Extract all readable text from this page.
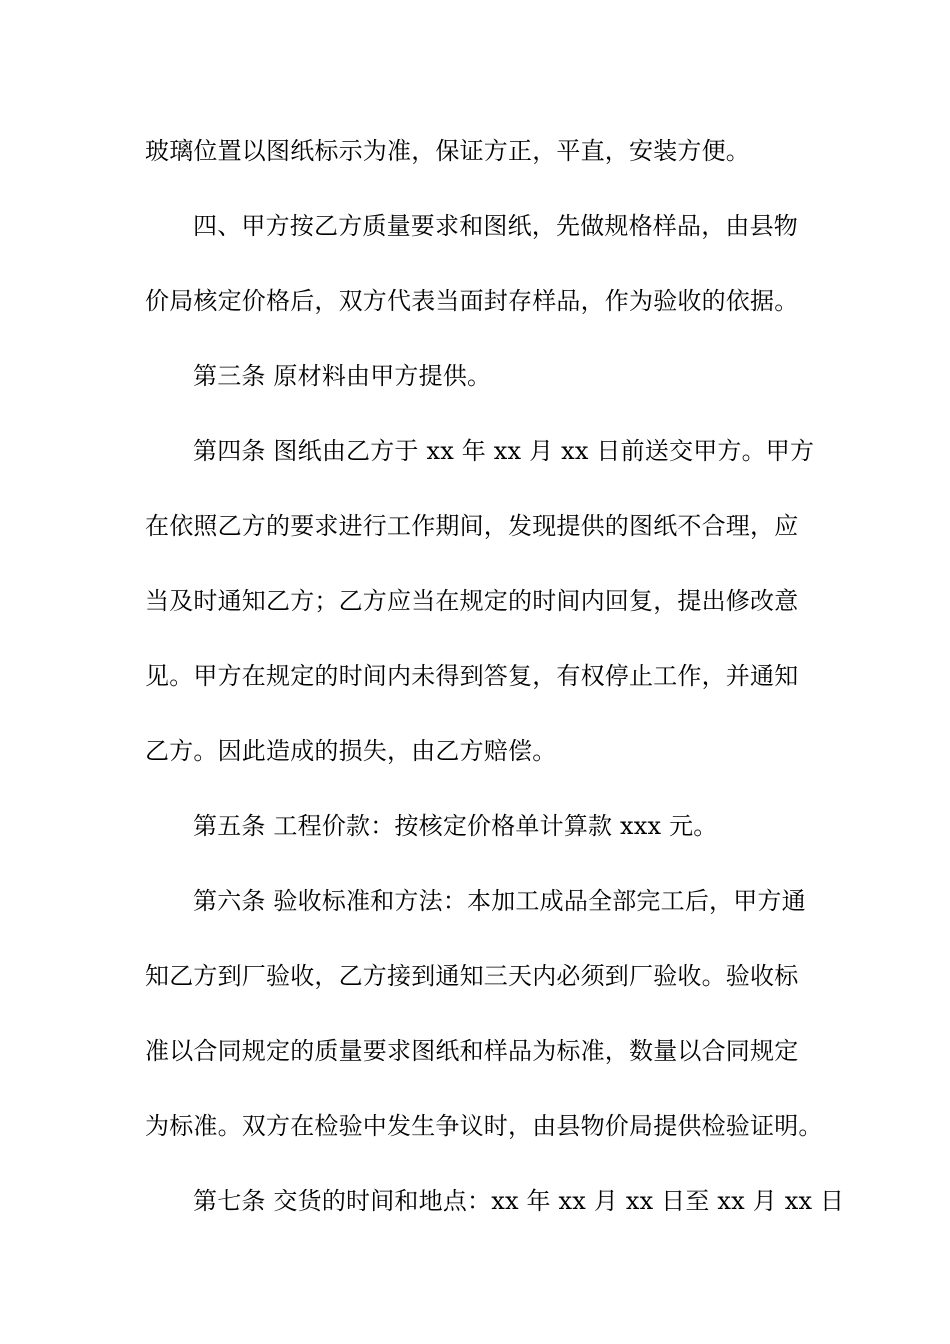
玻璃位置以图纸标示为准，保证方正，平直，安装方便。
四、甲方按乙方质量要求和图纸，先做规格样品，由县物
价局核定价格后，双方代表当面封存样品，作为验收的依据。
第三条 原材料由甲方提供。
第四条 图纸由乙方于 xx 年 xx 月 xx 日前送交甲方。甲方
在依照乙方的要求进行工作期间，发现提供的图纸不合理，应
当及时通知乙方；乙方应当在规定的时间内回复，提出修改意
见。甲方在规定的时间内未得到答复，有权停止工作，并通知
乙方。因此造成的损失，由乙方赔偿。
第五条 工程价款：按核定价格单计算款 xxx 元。
第六条 验收标准和方法：本加工成品全部完工后，甲方通
知乙方到厂验收，乙方接到通知三天内必须到厂验收。验收标
准以合同规定的质量要求图纸和样品为标准，数量以合同规定
为标准。双方在检验中发生争议时，由县物价局提供检验证明。
第七条 交货的时间和地点：xx 年 xx 月 xx 日至 xx 月 xx 日
